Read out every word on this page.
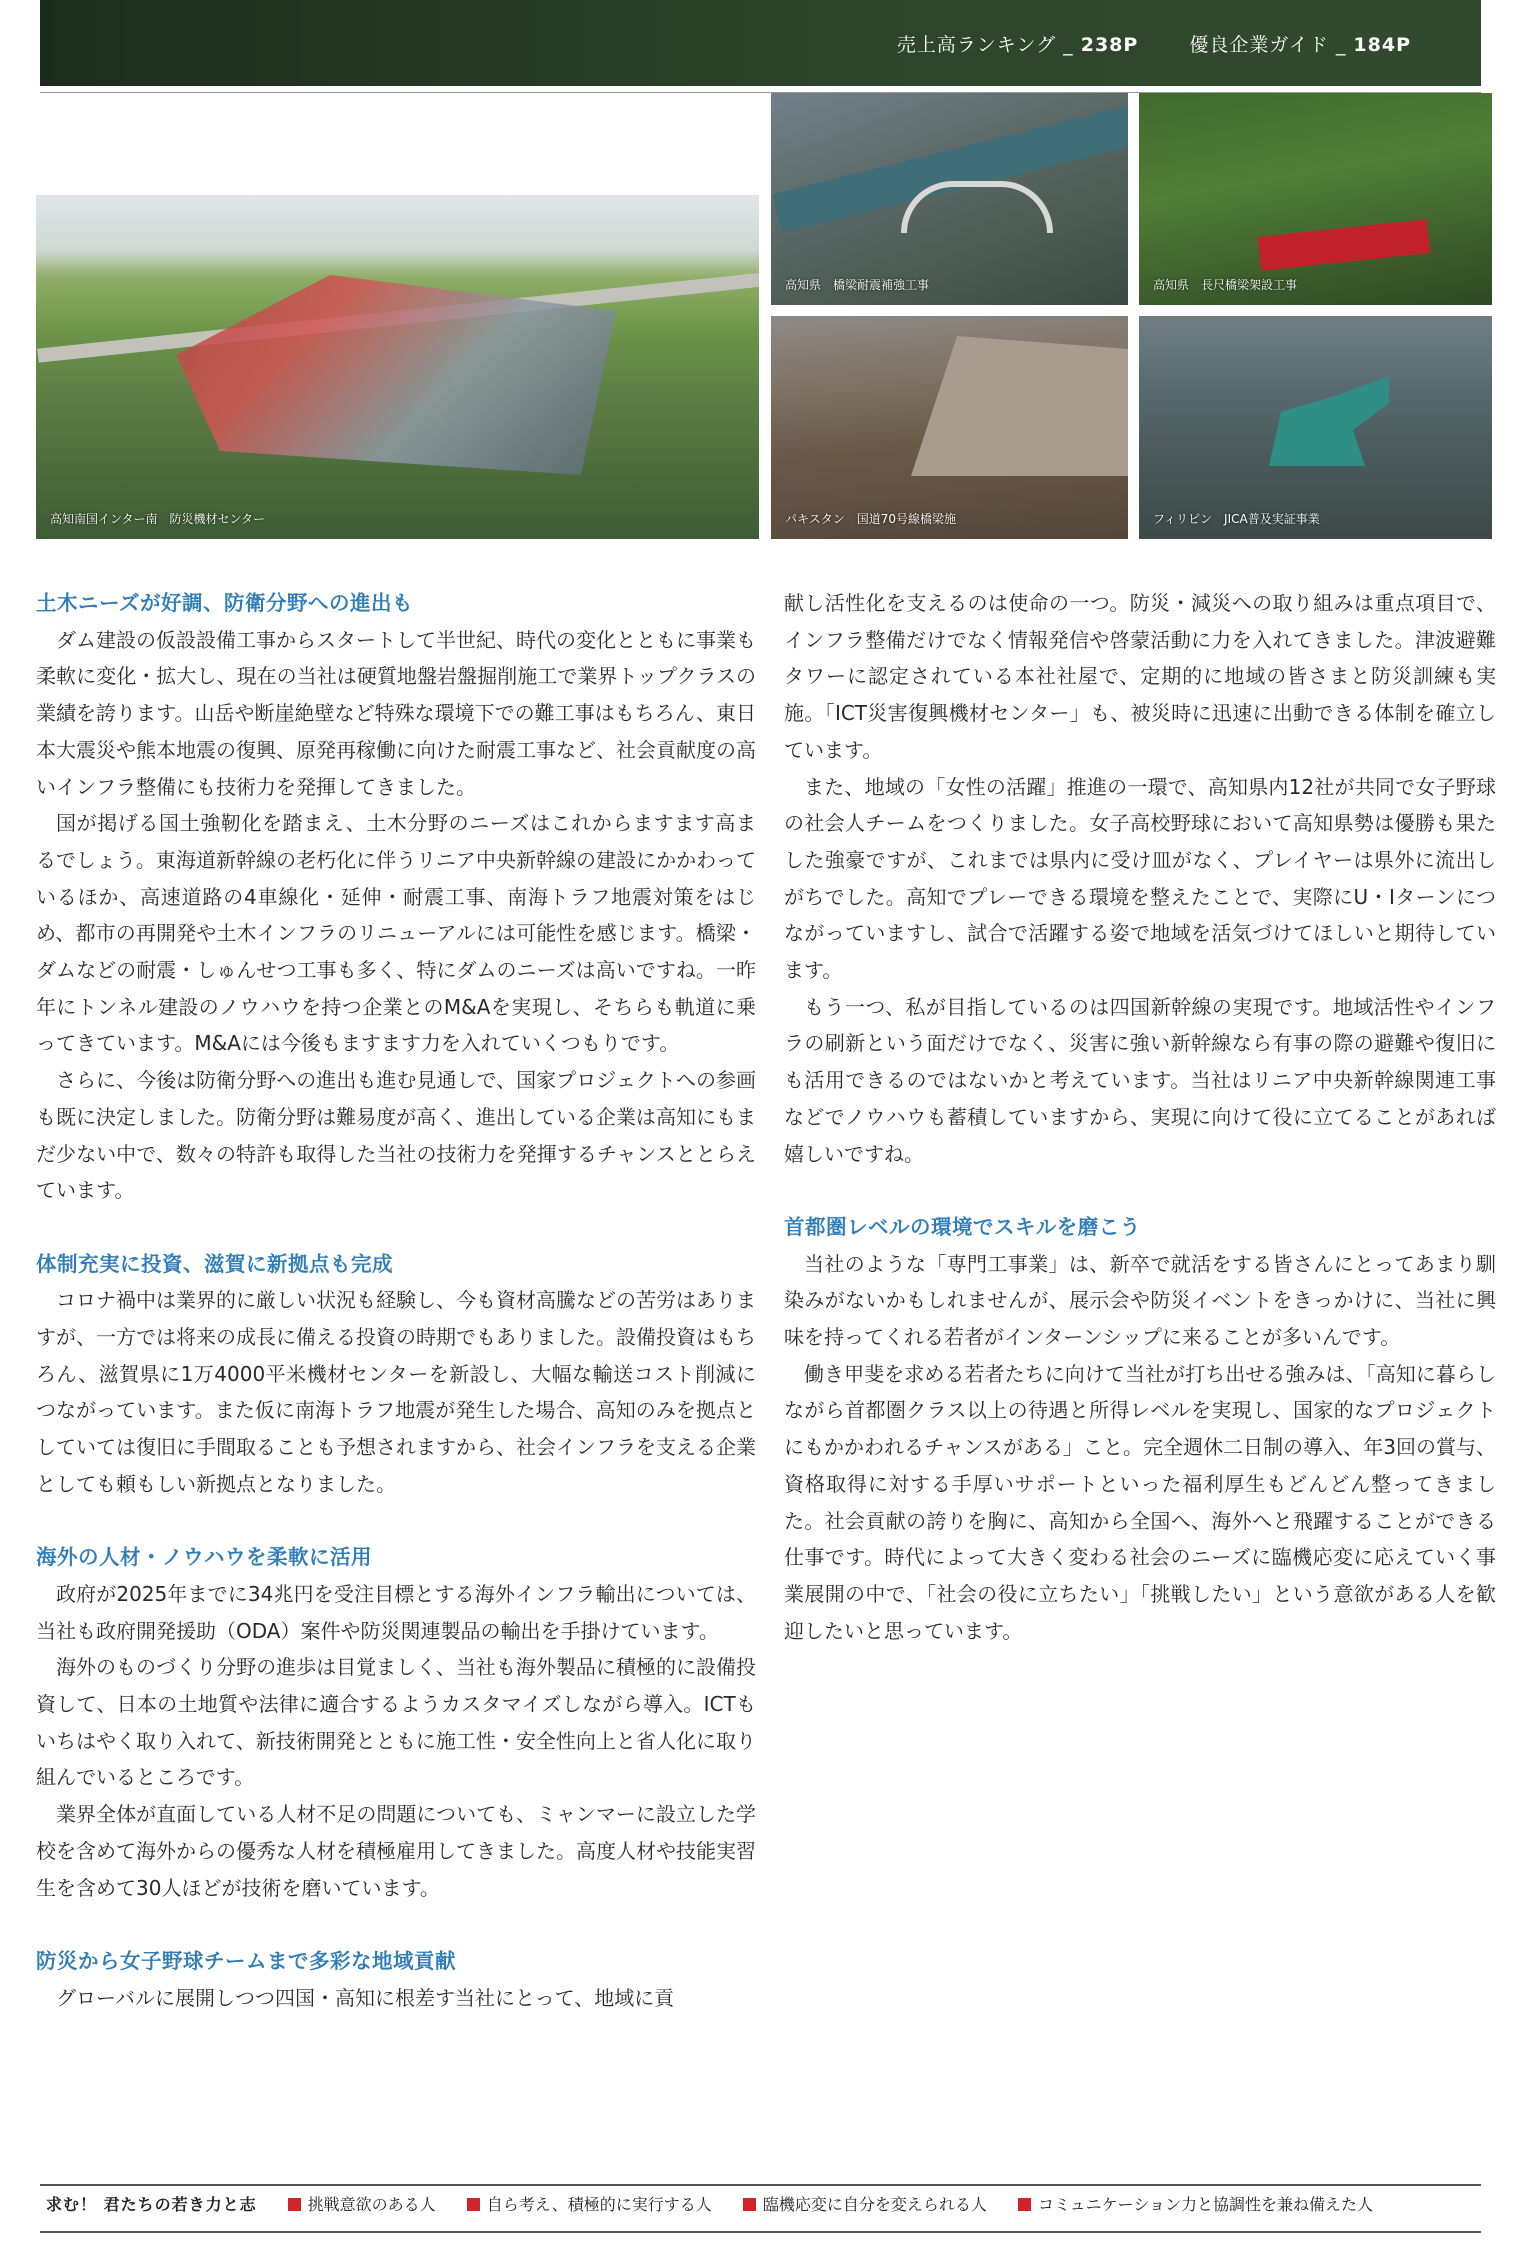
売上高ランキング _ 238P	優良企業ガイド _ 184P
高知南国インター南　防災機材センター
高知県　橋梁耐震補強工事	高知県　長尺橋梁架設工事
パキスタン　国道70号線橋梁施	フィリピン　JICA普及実証事業
土木ニーズが好調、防衛分野への進出も

ダム建設の仮設設備工事からスタートして半世紀、時代の変化とともに事業も柔軟に変化・拡大し、現在の当社は硬質地盤岩盤掘削施工で業界トップクラスの業績を誇ります。山岳や断崖絶壁など特殊な環境下での難工事はもちろん、東日本大震災や熊本地震の復興、原発再稼働に向けた耐震工事など、社会貢献度の高いインフラ整備にも技術力を発揮してきました。

国が掲げる国土強靭化を踏まえ、土木分野のニーズはこれからますます高まるでしょう。東海道新幹線の老朽化に伴うリニア中央新幹線の建設にかかわっているほか、高速道路の4車線化・延伸・耐震工事、南海トラフ地震対策をはじめ、都市の再開発や土木インフラのリニューアルには可能性を感じます。橋梁・ダムなどの耐震・しゅんせつ工事も多く、特にダムのニーズは高いですね。一昨年にトンネル建設のノウハウを持つ企業とのM&Aを実現し、そちらも軌道に乗ってきています。M&Aには今後もますます力を入れていくつもりです。

さらに、今後は防衛分野への進出も進む見通しで、国家プロジェクトへの参画も既に決定しました。防衛分野は難易度が高く、進出している企業は高知にもまだ少ない中で、数々の特許も取得した当社の技術力を発揮するチャンスととらえています。

体制充実に投資、滋賀に新拠点も完成

コロナ禍中は業界的に厳しい状況も経験し、今も資材高騰などの苦労はありますが、一方では将来の成長に備える投資の時期でもありました。設備投資はもちろん、滋賀県に1万4000平米機材センターを新設し、大幅な輸送コスト削減につながっています。また仮に南海トラフ地震が発生した場合、高知のみを拠点としていては復旧に手間取ることも予想されますから、社会インフラを支える企業としても頼もしい新拠点となりました。

海外の人材・ノウハウを柔軟に活用

政府が2025年までに34兆円を受注目標とする海外インフラ輸出については、当社も政府開発援助（ODA）案件や防災関連製品の輸出を手掛けています。

海外のものづくり分野の進歩は目覚ましく、当社も海外製品に積極的に設備投資して、日本の土地質や法律に適合するようカスタマイズしながら導入。ICTもいちはやく取り入れて、新技術開発とともに施工性・安全性向上と省人化に取り組んでいるところです。

業界全体が直面している人材不足の問題についても、ミャンマーに設立した学校を含めて海外からの優秀な人材を積極雇用してきました。高度人材や技能実習生を含めて30人ほどが技術を磨いています。

防災から女子野球チームまで多彩な地域貢献

グローバルに展開しつつ四国・高知に根差す当社にとって、地域に貢

献し活性化を支えるのは使命の一つ。防災・減災への取り組みは重点項目で、インフラ整備だけでなく情報発信や啓蒙活動に力を入れてきました。津波避難タワーに認定されている本社社屋で、定期的に地域の皆さまと防災訓練も実施。「ICT災害復興機材センター」も、被災時に迅速に出動できる体制を確立しています。

また、地域の「女性の活躍」推進の一環で、高知県内12社が共同で女子野球の社会人チームをつくりました。女子高校野球において高知県勢は優勝も果たした強豪ですが、これまでは県内に受け皿がなく、プレイヤーは県外に流出しがちでした。高知でプレーできる環境を整えたことで、実際にU・Iターンにつながっていますし、試合で活躍する姿で地域を活気づけてほしいと期待しています。

もう一つ、私が目指しているのは四国新幹線の実現です。地域活性やインフラの刷新という面だけでなく、災害に強い新幹線なら有事の際の避難や復旧にも活用できるのではないかと考えています。当社はリニア中央新幹線関連工事などでノウハウも蓄積していますから、実現に向けて役に立てることがあれば嬉しいですね。

首都圏レベルの環境でスキルを磨こう

当社のような「専門工事業」は、新卒で就活をする皆さんにとってあまり馴染みがないかもしれませんが、展示会や防災イベントをきっかけに、当社に興味を持ってくれる若者がインターンシップに来ることが多いんです。

働き甲斐を求める若者たちに向けて当社が打ち出せる強みは、「高知に暮らしながら首都圏クラス以上の待遇と所得レベルを実現し、国家的なプロジェクトにもかかわれるチャンスがある」こと。完全週休二日制の導入、年3回の賞与、資格取得に対する手厚いサポートといった福利厚生もどんどん整ってきました。社会貢献の誇りを胸に、高知から全国へ、海外へと飛躍することができる仕事です。時代によって大きく変わる社会のニーズに臨機応変に応えていく事業展開の中で、「社会の役に立ちたい」「挑戦したい」という意欲がある人を歓迎したいと思っています。

求む！ 君たちの若き力と志	挑戦意欲のある人	自ら考え、積極的に実行する人	臨機応変に自分を変えられる人	コミュニケーション力と協調性を兼ね備えた人
